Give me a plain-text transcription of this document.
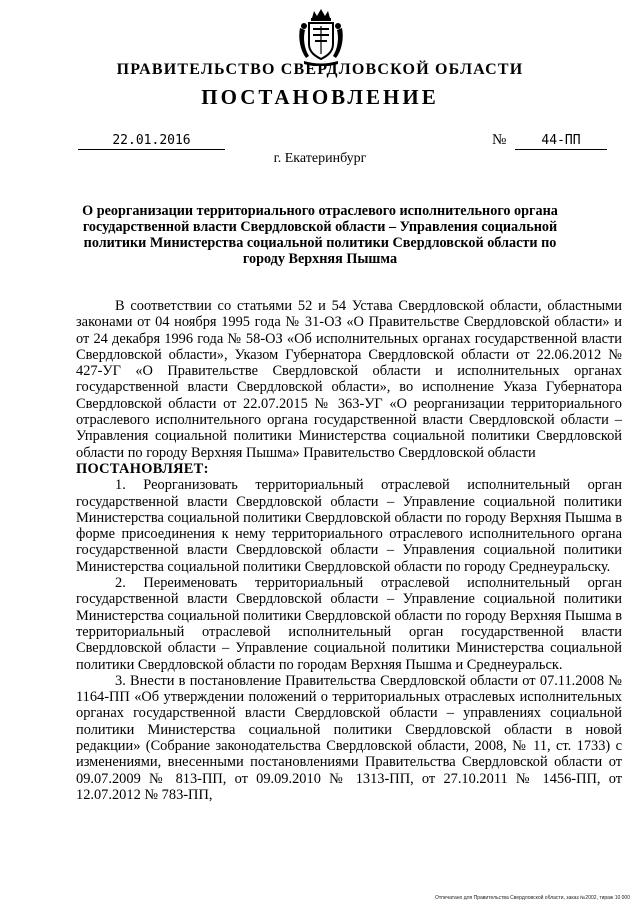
ПРАВИТЕЛЬСТВО СВЕРДЛОВСКОЙ ОБЛАСТИ
ПОСТАНОВЛЕНИЕ
22.01.2016	№	44-ПП
г. Екатеринбург
О реорганизации территориального отраслевого исполнительного органа государственной власти Свердловской области – Управления социальной политики Министерства социальной политики Свердловской области по городу Верхняя Пышма

В соответствии со статьями 52 и 54 Устава Свердловской области, областными законами от 04 ноября 1995 года № 31-ОЗ «О Правительстве Свердловской области» и от 24 декабря 1996 года № 58-ОЗ «Об исполнительных органах государственной власти Свердловской области», Указом Губернатора Свердловской области от 22.06.2012 № 427-УГ «О Правительстве Свердловской области и исполнительных органах государственной власти Свердловской области», во исполнение Указа Губернатора Свердловской области от 22.07.2015 № 363-УГ «О реорганизации территориального отраслевого исполнительного органа государственной власти Свердловской области – Управления социальной политики Министерства социальной политики Свердловской области по городу Верхняя Пышма» Правительство Свердловской области

ПОСТАНОВЛЯЕТ:

1. Реорганизовать территориальный отраслевой исполнительный орган государственной власти Свердловской области – Управление социальной политики Министерства социальной политики Свердловской области по городу Верхняя Пышма в форме присоединения к нему территориального отраслевого исполнительного органа государственной власти Свердловской области – Управления социальной политики Министерства социальной политики Свердловской области по городу Среднеуральску.

2. Переименовать территориальный отраслевой исполнительный орган государственной власти Свердловской области – Управление социальной политики Министерства социальной политики Свердловской области по городу Верхняя Пышма в территориальный отраслевой исполнительный орган государственной власти Свердловской области – Управление социальной политики Министерства социальной политики Свердловской области по городам Верхняя Пышма и Среднеуральск.

3. Внести в постановление Правительства Свердловской области от 07.11.2008 № 1164-ПП «Об утверждении положений о территориальных отраслевых исполнительных органах государственной власти Свердловской области – управлениях социальной политики Министерства социальной политики Свердловской области в новой редакции» (Собрание законодательства Свердловской области, 2008, № 11, ст. 1733) с изменениями, внесенными постановлениями Правительства Свердловской области от 09.07.2009 № 813-ПП, от 09.09.2010 № 1313-ПП, от 27.10.2011 № 1456-ПП, от 12.07.2012 № 783-ПП,

Отпечатано для Правительства Свердловской области, заказ №2002, тираж 10 000
